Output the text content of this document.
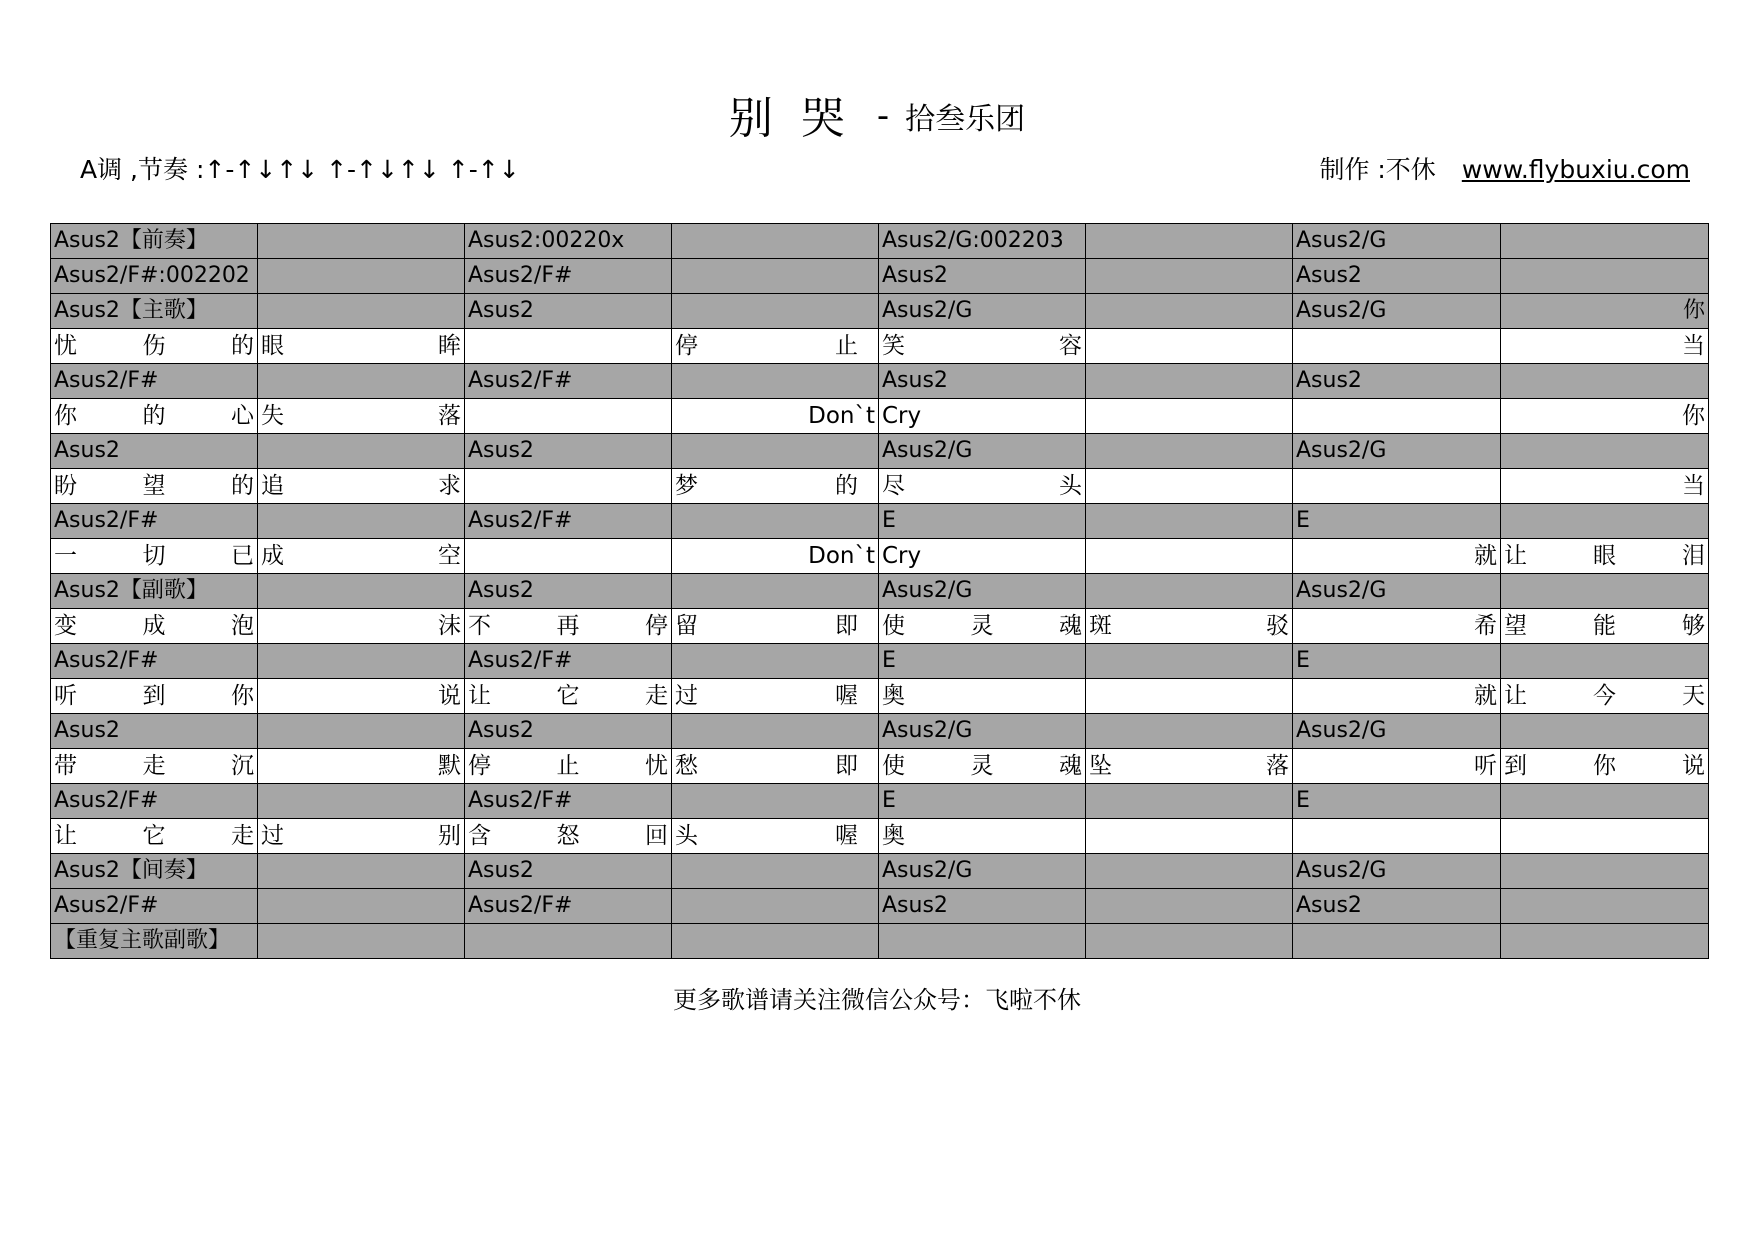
别哭 - 拾叁乐团
A调 ,节奏 :↑-↑↓↑↓ ↑-↑↓↑↓ ↑-↑↓	制作 :不休 www.flybuxiu.com
Asus2【前奏】		Asus2:00220x		Asus2/G:002203		Asus2/G	
Asus2/F#:002202		Asus2/F#		Asus2		Asus2	
Asus2【主歌】		Asus2		Asus2/G		Asus2/G	你
忧伤的	眼眸		停止	笑容			当
Asus2/F#		Asus2/F#		Asus2		Asus2	
你的心	失落		Don`t	Cry			你
Asus2		Asus2		Asus2/G		Asus2/G	
盼望的	追求		梦的	尽头			当
Asus2/F#		Asus2/F#		E		E	
一切已	成空		Don`t	Cry		就	让眼泪
Asus2【副歌】		Asus2		Asus2/G		Asus2/G	
变成泡	沫	不再停	留即	使灵魂	斑驳	希	望能够
Asus2/F#		Asus2/F#		E		E	
听到你	说	让它走	过喔	奥		就	让今天
Asus2		Asus2		Asus2/G		Asus2/G	
带走沉	默	停止忧	愁即	使灵魂	坠落	听	到你说
Asus2/F#		Asus2/F#		E		E	
让它走	过别	含怒回	头喔	奥			
Asus2【间奏】		Asus2		Asus2/G		Asus2/G	
Asus2/F#		Asus2/F#		Asus2		Asus2	
【重复主歌副歌】							
更多歌谱请关注微信公众号：飞啦不休
